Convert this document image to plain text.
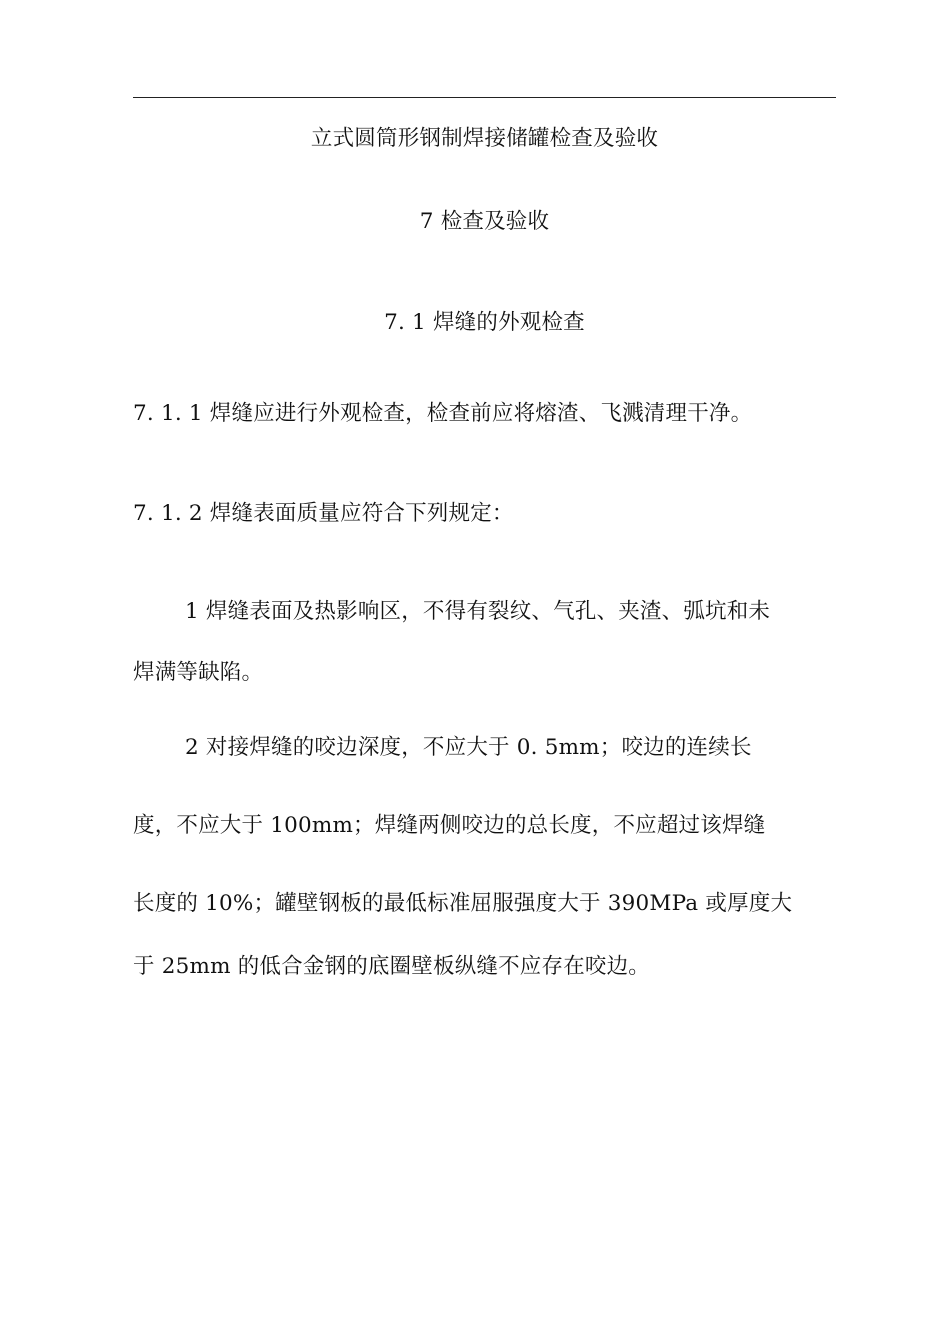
立式圆筒形钢制焊接储罐检查及验收
7 检查及验收
7. 1 焊缝的外观检查
7. 1. 1 焊缝应进行外观检查，检查前应将熔渣、飞溅清理干净。
7. 1. 2 焊缝表面质量应符合下列规定：
1 焊缝表面及热影响区，不得有裂纹、气孔、夹渣、弧坑和未
焊满等缺陷。
2 对接焊缝的咬边深度，不应大于 0. 5mm；咬边的连续长
度，不应大于 100mm；焊缝两侧咬边的总长度，不应超过该焊缝
长度的 10%；罐壁钢板的最低标准屈服强度大于 390MPa 或厚度大
于 25mm 的低合金钢的底圈壁板纵缝不应存在咬边。
